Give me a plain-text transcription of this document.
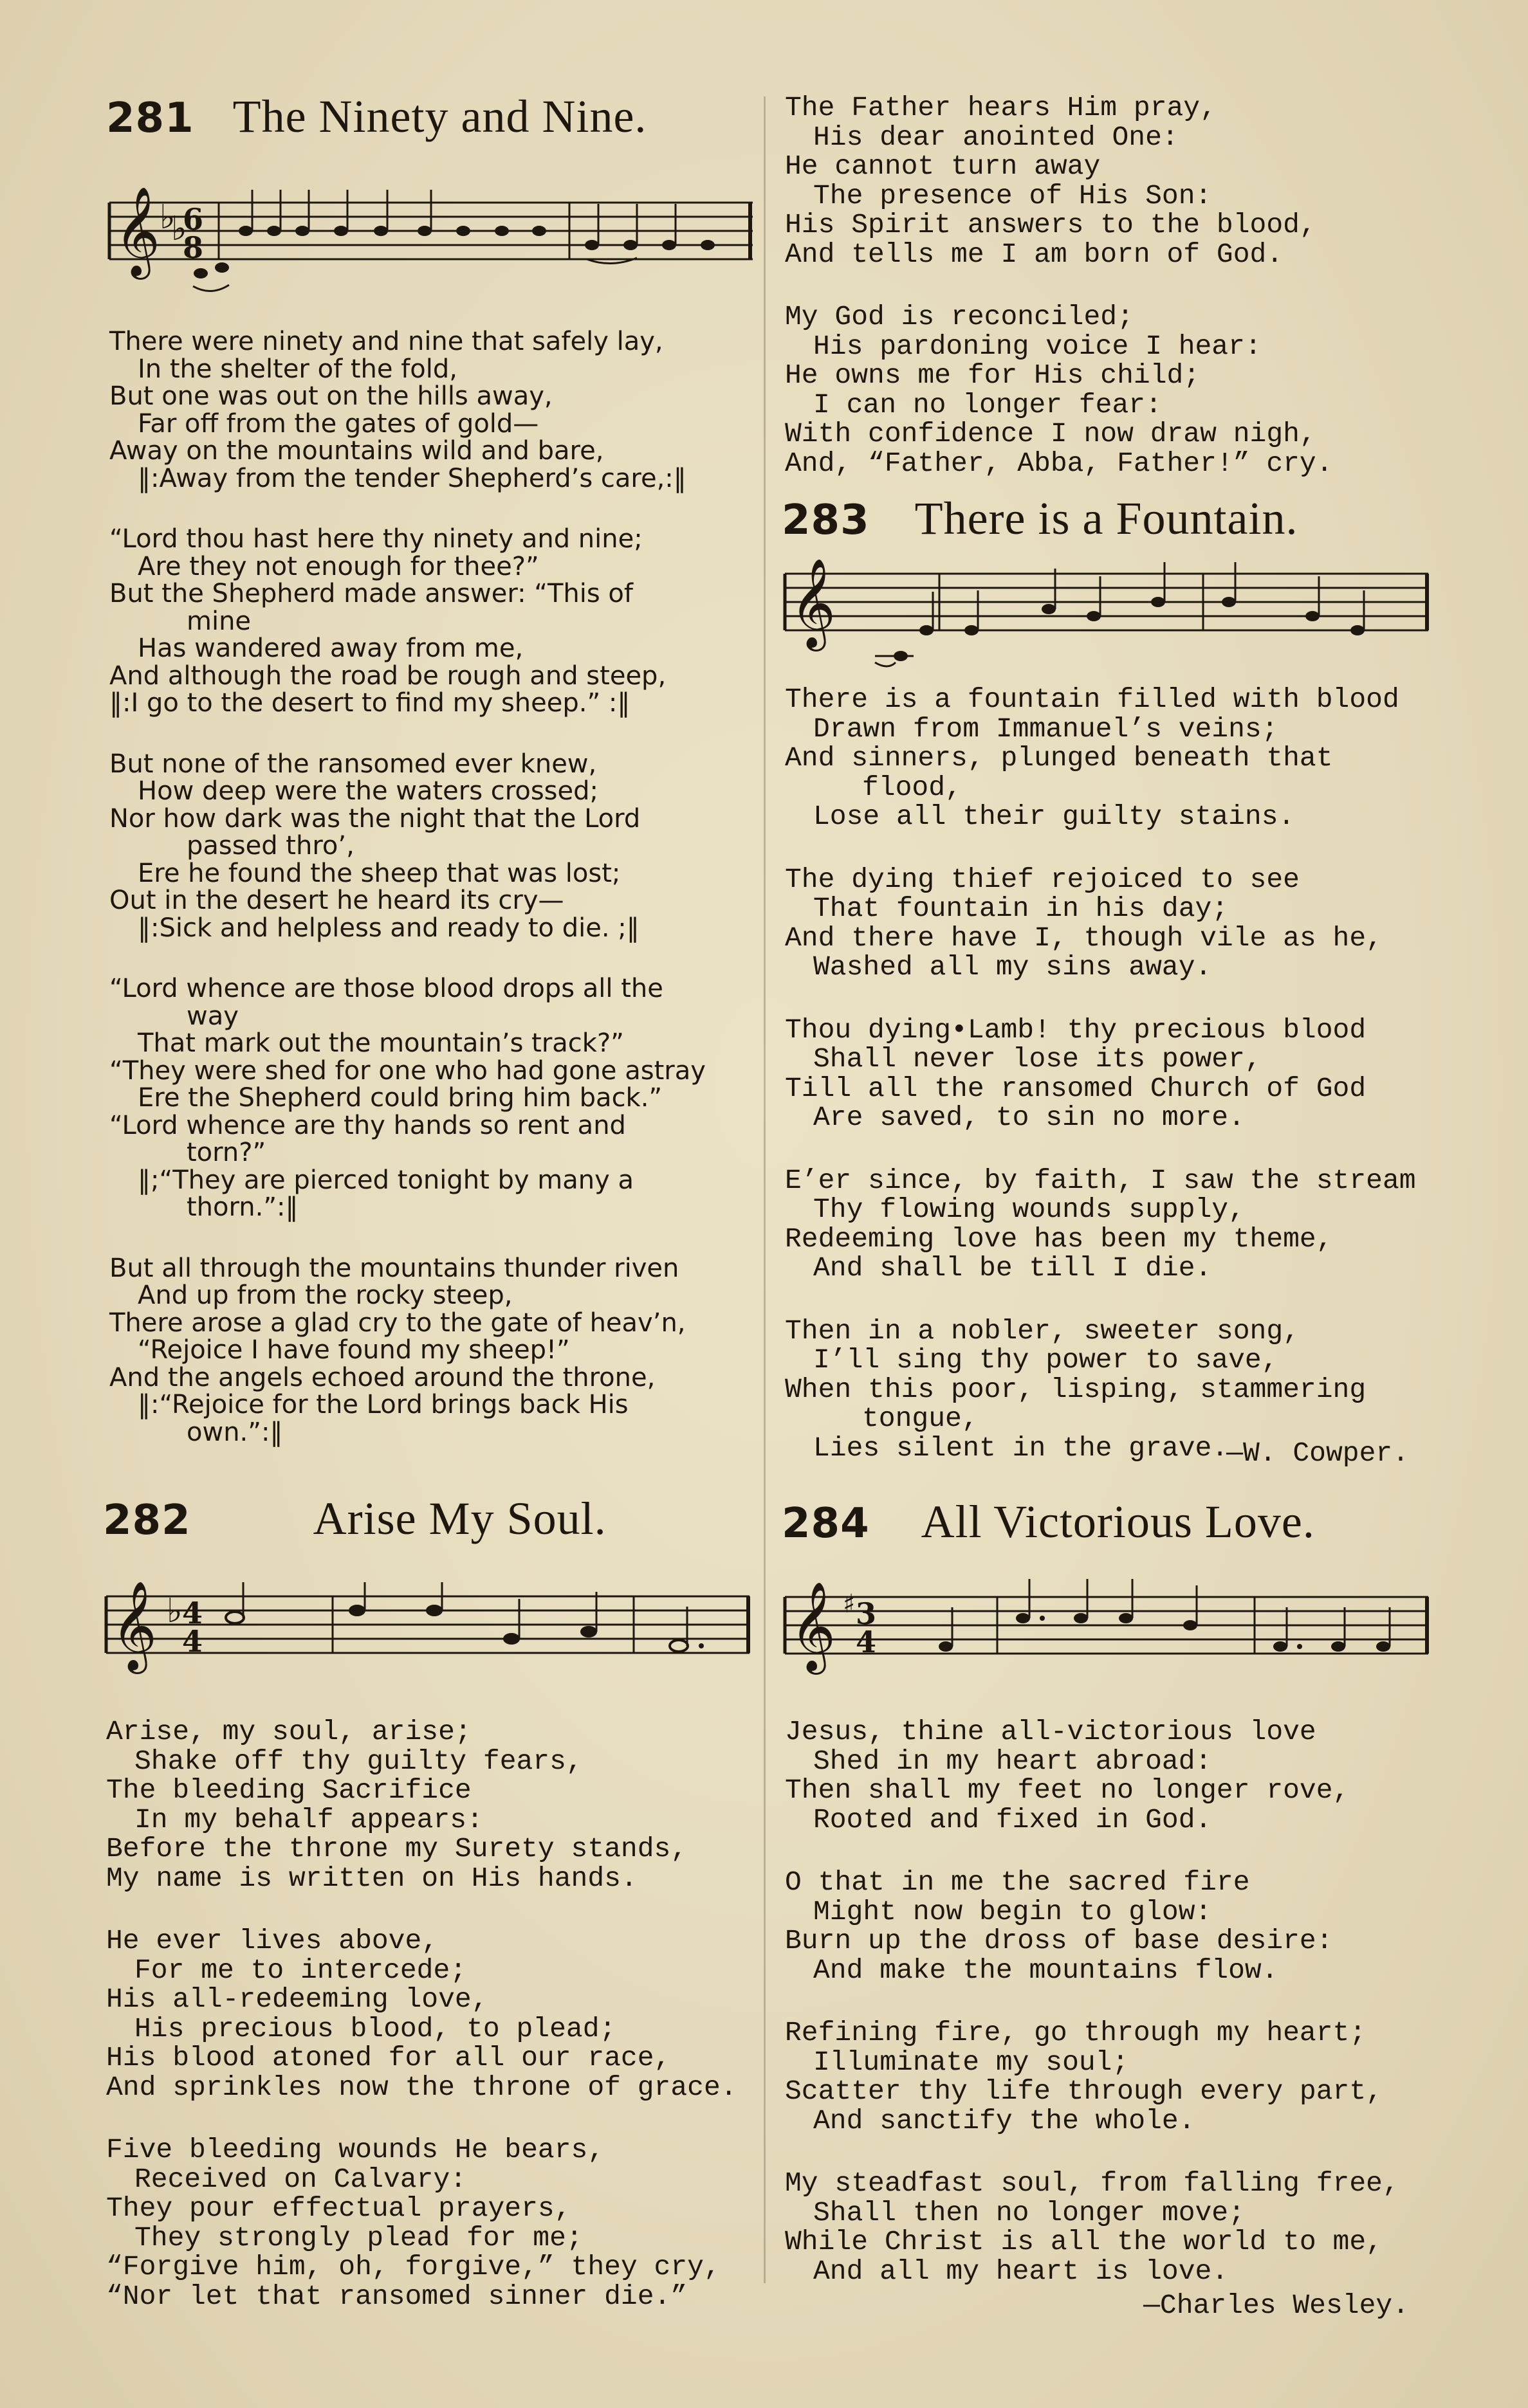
281 The Ninety and Nine.
𝄞 ♭
♭
6
8
There were ninety and nine that safely lay,
In the shelter of the fold,
But one was out on the hills away,
Far off from the gates of gold—
Away on the mountains wild and bare,
‖:Away from the tender Shepherd’s care,:‖
“Lord thou hast here thy ninety and nine;
Are they not enough for thee?”
But the Shepherd made answer: “This of
mine
Has wandered away from me,
And although the road be rough and steep,
‖:I go to the desert to find my sheep.” :‖
But none of the ransomed ever knew,
How deep were the waters crossed;
Nor how dark was the night that the Lord
passed thro’,
Ere he found the sheep that was lost;
Out in the desert he heard its cry—
‖:Sick and helpless and ready to die. ;‖
“Lord whence are those blood drops all the
way
That mark out the mountain’s track?”
“They were shed for one who had gone astray
Ere the Shepherd could bring him back.”
“Lord whence are thy hands so rent and
torn?”
‖;“They are pierced tonight by many a
thorn.”:‖
But all through the mountains thunder riven
And up from the rocky steep,
There arose a glad cry to the gate of heav’n,
“Rejoice I have found my sheep!”
And the angels echoed around the throne,
‖:“Rejoice for the Lord brings back His
own.”:‖
282	Arise My Soul.
𝄞 ♭ 4
4
Arise, my soul, arise;
Shake off thy guilty fears,
The bleeding Sacrifice
In my behalf appears:
Before the throne my Surety stands,
My name is written on His hands.
He ever lives above,
For me to intercede;
His all-redeeming love,
His precious blood, to plead;
His blood atoned for all our race,
And sprinkles now the throne of grace.
Five bleeding wounds He bears,
Received on Calvary:
They pour effectual prayers,
They strongly plead for me;
“Forgive him, oh, forgive,” they cry,
“Nor let that ransomed sinner die.”
The Father hears Him pray,
His dear anointed One:
He cannot turn away
The presence of His Son:
His Spirit answers to the blood,
And tells me I am born of God.
My God is reconciled;
His pardoning voice I hear:
He owns me for His child;
I can no longer fear:
With confidence I now draw nigh,
And, “Father, Abba, Father!” cry.
283 There is a Fountain.
𝄞
There is a fountain filled with blood
Drawn from Immanuel’s veins;
And sinners, plunged beneath that
flood,
Lose all their guilty stains.
The dying thief rejoiced to see
That fountain in his day;
And there have I, though vile as he,
Washed all my sins away.
Thou dying•Lamb! thy precious blood
Shall never lose its power,
Till all the ransomed Church of God
Are saved, to sin no more.
E’er since, by faith, I saw the stream
Thy flowing wounds supply,
Redeeming love has been my theme,
And shall be till I die.
Then in a nobler, sweeter song,
I’ll sing thy power to save,
When this poor, lisping, stammering
tongue,
Lies silent in the grave.
—W. Cowper.
284 All Victorious Love.
𝄞 ♯ 3
4
Jesus, thine all-victorious love
Shed in my heart abroad:
Then shall my feet no longer rove,
Rooted and fixed in God.
O that in me the sacred fire
Might now begin to glow:
Burn up the dross of base desire:
And make the mountains flow.
Refining fire, go through my heart;
Illuminate my soul;
Scatter thy life through every part,
And sanctify the whole.
My steadfast soul, from falling free,
Shall then no longer move;
While Christ is all the world to me,
And all my heart is love.
—Charles Wesley.
